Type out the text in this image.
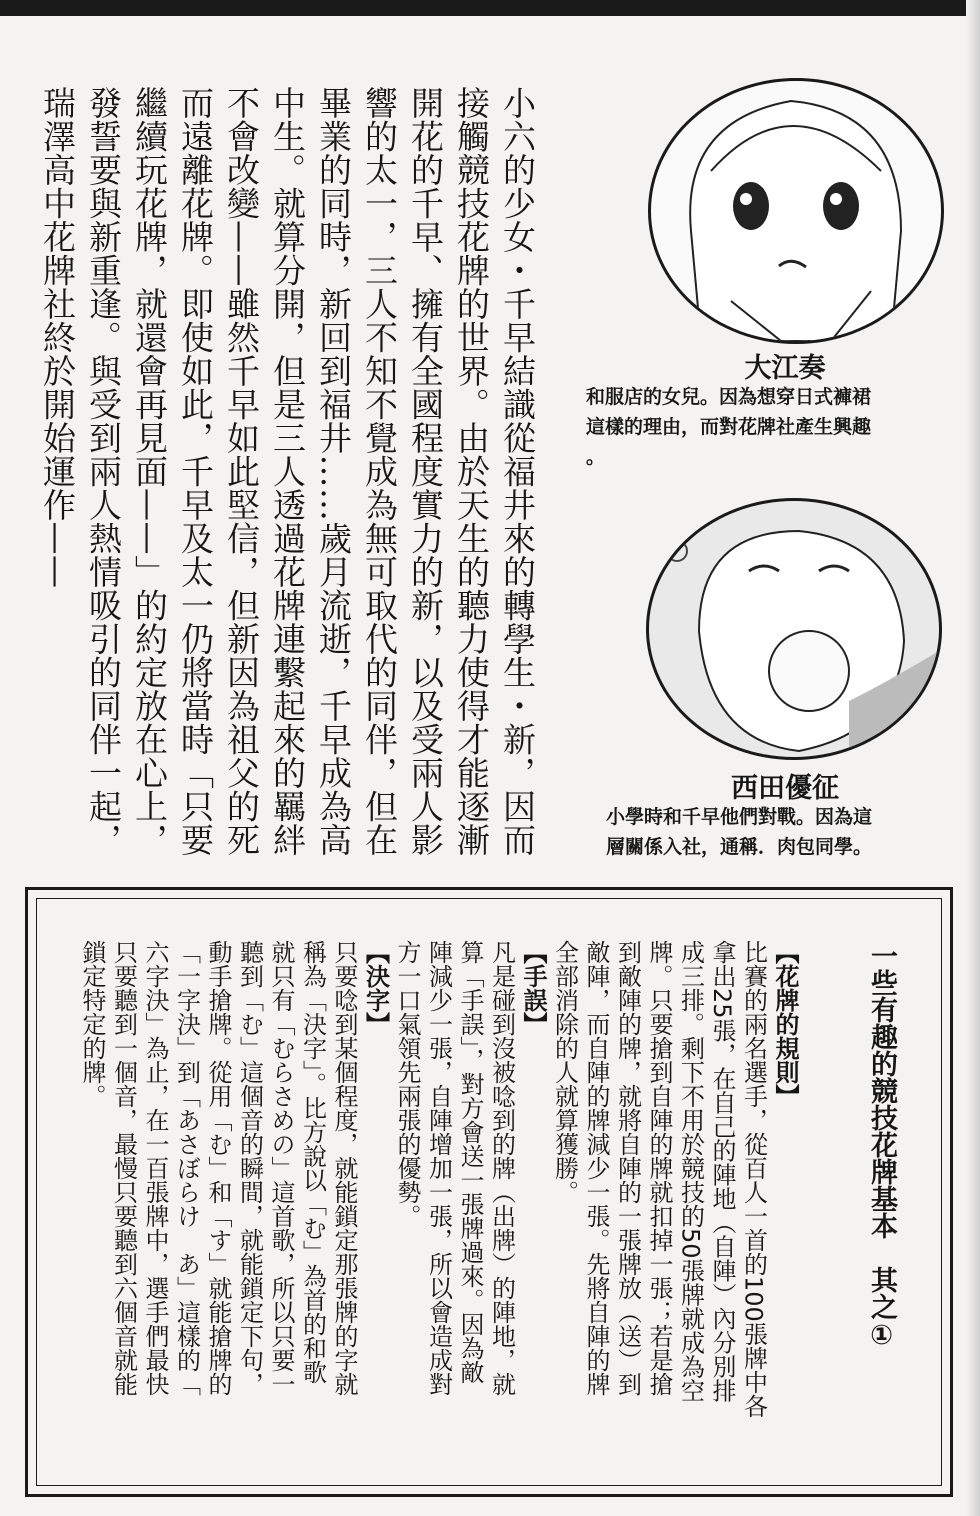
小六的少女・千早結識從福井來的轉學生・新，因而
接觸競技花牌的世界。由於天生的聽力使得才能逐漸
開花的千早、擁有全國程度實力的新，以及受兩人影
響的太一，三人不知不覺成為無可取代的同伴，但在
畢業的同時，新回到福井……歲月流逝，千早成為高
中生。就算分開，但是三人透過花牌連繫起來的羈絆
不會改變——雖然千早如此堅信，但新因為祖父的死
而遠離花牌。即使如此，千早及太一仍將當時「只要
繼續玩花牌，就還會再見面——」的約定放在心上，
發誓要與新重逢。與受到兩人熱情吸引的同伴一起，
瑞澤高中花牌社終於開始運作——	大江奏
和服店的女兒。因為想穿日式褲裙
這樣的理由，而對花牌社產生興趣
。
西田優征
小學時和千早他們對戰。因為這
層關係入社，通稱．肉包同學。
一些有趣的競技花牌基本　其之①
【花牌的規則】
比賽的兩名選手，從百人一首的100張牌中各
拿出25張，在自己的陣地（自陣）內分別排
成三排。剩下不用於競技的50張牌就成為空
牌。只要搶到自陣的牌就扣掉一張；若是搶
到敵陣的牌，就將自陣的一張牌放（送）到
敵陣，而自陣的牌減少一張。先將自陣的牌
全部消除的人就算獲勝。
【手誤】
凡是碰到沒被唸到的牌（出牌）的陣地，就
算「手誤」，對方會送一張牌過來。因為敵
陣減少一張，自陣增加一張，所以會造成對
方一口氣領先兩張的優勢。
【決字】
只要唸到某個程度，就能鎖定那張牌的字就
稱為「決字」。比方說以「む」為首的和歌
就只有「むらさめの」這首歌，所以只要一
聽到「む」這個音的瞬間，就能鎖定下句，
動手搶牌。從用「む」和「す」就能搶牌的
「一字決」到「あさぼらけ　あ」這樣的「
六字決」為止，在一百張牌中，選手們最快
只要聽到一個音，最慢只要聽到六個音就能
鎖定特定的牌。
